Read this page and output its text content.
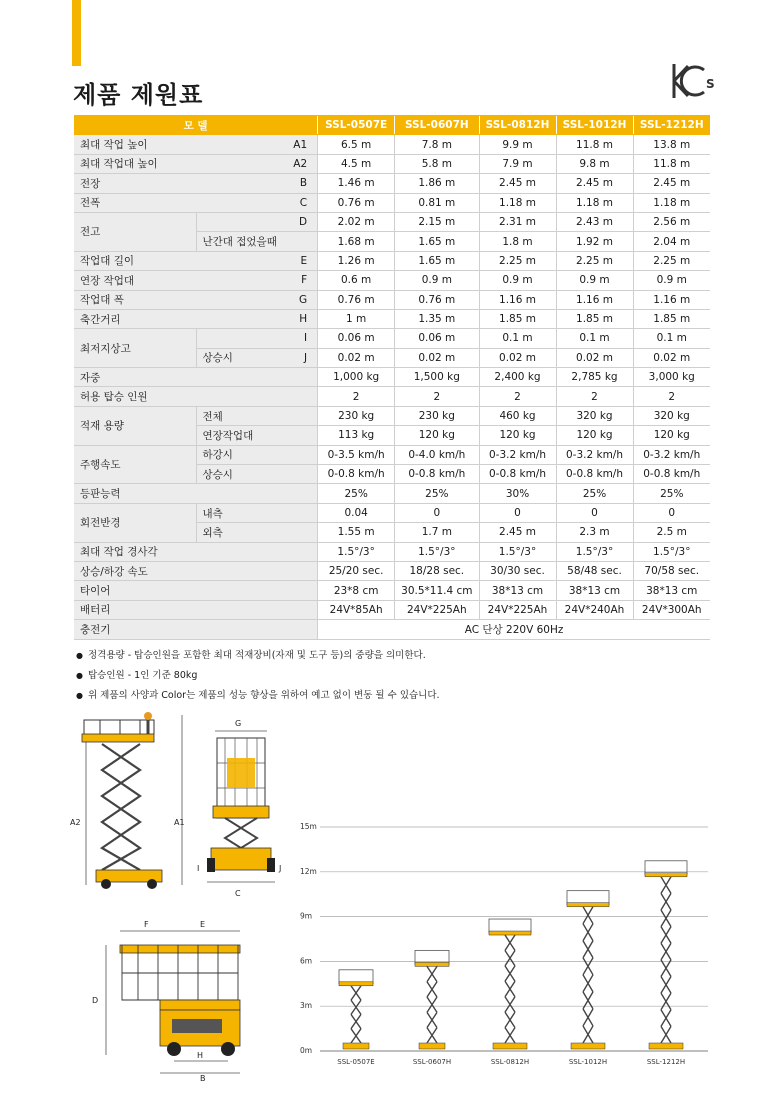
제품 제원표	S
모 델			SSL-0507E	SSL-0607H	SSL-0812H	SSL-1012H	SSL-1212H
최대 작업 높이		A1	6.5 m	7.8 m	9.9 m	11.8 m	13.8 m
최대 작업대 높이		A2	4.5 m	5.8 m	7.9 m	9.8 m	11.8 m
전장		B	1.46 m	1.86 m	2.45 m	2.45 m	2.45 m
전폭		C	0.76 m	0.81 m	1.18 m	1.18 m	1.18 m
전고		D	2.02 m	2.15 m	2.31 m	2.43 m	2.56 m
	난간대 접었을때		1.68 m	1.65 m	1.8 m	1.92 m	2.04 m
작업대 길이		E	1.26 m	1.65 m	2.25 m	2.25 m	2.25 m
연장 작업대		F	0.6 m	0.9 m	0.9 m	0.9 m	0.9 m
작업대 폭		G	0.76 m	0.76 m	1.16 m	1.16 m	1.16 m
축간거리		H	1 m	1.35 m	1.85 m	1.85 m	1.85 m
최저지상고		I	0.06 m	0.06 m	0.1 m	0.1 m	0.1 m
	상승시	J	0.02 m	0.02 m	0.02 m	0.02 m	0.02 m
자중			1,000 kg	1,500 kg	2,400 kg	2,785 kg	3,000 kg
허용 탑승 인원			2	2	2	2	2
적재 용량	전체		230 kg	230 kg	460 kg	320 kg	320 kg
	연장작업대		113 kg	120 kg	120 kg	120 kg	120 kg
주행속도	하강시		0-3.5 km/h	0-4.0 km/h	0-3.2 km/h	0-3.2 km/h	0-3.2 km/h
	상승시		0-0.8 km/h	0-0.8 km/h	0-0.8 km/h	0-0.8 km/h	0-0.8 km/h
등판능력			25%	25%	30%	25%	25%
회전반경	내측		0.04	0	0	0	0
	외측		1.55 m	1.7 m	2.45 m	2.3 m	2.5 m
최대 작업 경사각			1.5°/3°	1.5°/3°	1.5°/3°	1.5°/3°	1.5°/3°
상승/하강 속도			25/20 sec.	18/28 sec.	30/30 sec.	58/48 sec.	70/58 sec.
타이어			23*8 cm	30.5*11.4 cm	38*13 cm	38*13 cm	38*13 cm
배터리			24V*85Ah	24V*225Ah	24V*225Ah	24V*240Ah	24V*300Ah
충전기			AC 단상 220V 60Hz				
● 정격용량 - 탑승인원을 포함한 최대 적재장비(자재 및 도구 등)의 중량을 의미한다.
● 탑승인원 - 1인 기준 80kg
● 위 제품의 사양과 Color는 제품의 성능 향상을 위하여 예고 없이 변동 될 수 있습니다.
A2	A1
G
C
I	J
F	E
D
H
B
0m
3m
6m
9m
12m
15m
SSL-0507E	SSL-0607H	SSL-0812H	SSL-1012H	SSL-1212H
